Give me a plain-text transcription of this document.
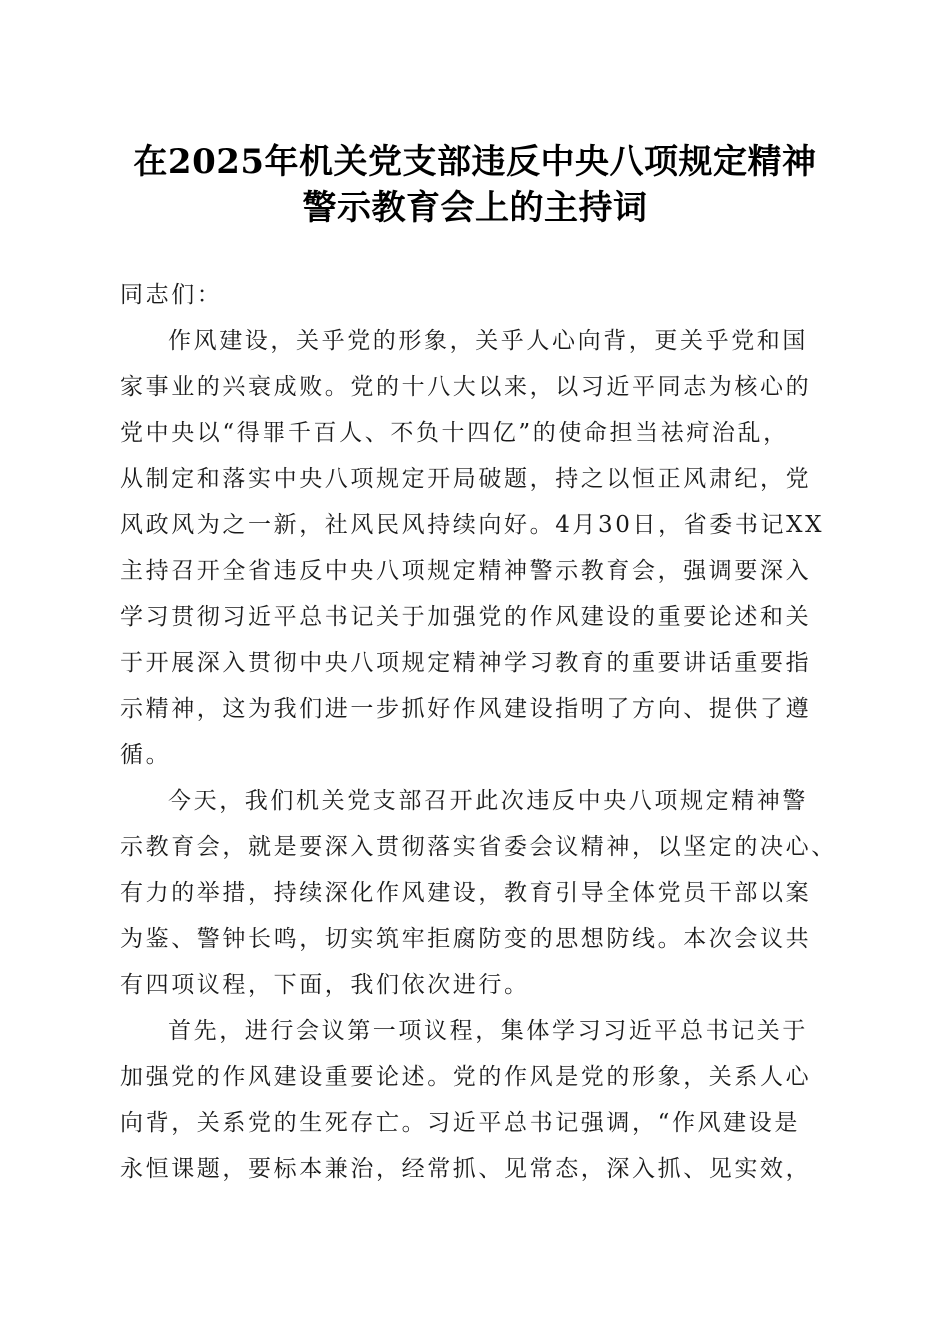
在2025年机关党支部违反中央八项规定精神
警示教育会上的主持词
同志们：
作风建设，关乎党的形象，关乎人心向背，更关乎党和国
家事业的兴衰成败。党的十八大以来，以习近平同志为核心的
党中央以“得罪千百人、不负十四亿”的使命担当祛疴治乱，
从制定和落实中央八项规定开局破题，持之以恒正风肃纪，党
风政风为之一新，社风民风持续向好。4月30日，省委书记XX
主持召开全省违反中央八项规定精神警示教育会，强调要深入
学习贯彻习近平总书记关于加强党的作风建设的重要论述和关
于开展深入贯彻中央八项规定精神学习教育的重要讲话重要指
示精神，这为我们进一步抓好作风建设指明了方向、提供了遵
循。
今天，我们机关党支部召开此次违反中央八项规定精神警
示教育会，就是要深入贯彻落实省委会议精神，以坚定的决心、
有力的举措，持续深化作风建设，教育引导全体党员干部以案
为鉴、警钟长鸣，切实筑牢拒腐防变的思想防线。本次会议共
有四项议程，下面，我们依次进行。
首先，进行会议第一项议程，集体学习习近平总书记关于
加强党的作风建设重要论述。党的作风是党的形象，关系人心
向背，关系党的生死存亡。习近平总书记强调，“作风建设是
永恒课题，要标本兼治，经常抓、见常态，深入抓、见实效，
